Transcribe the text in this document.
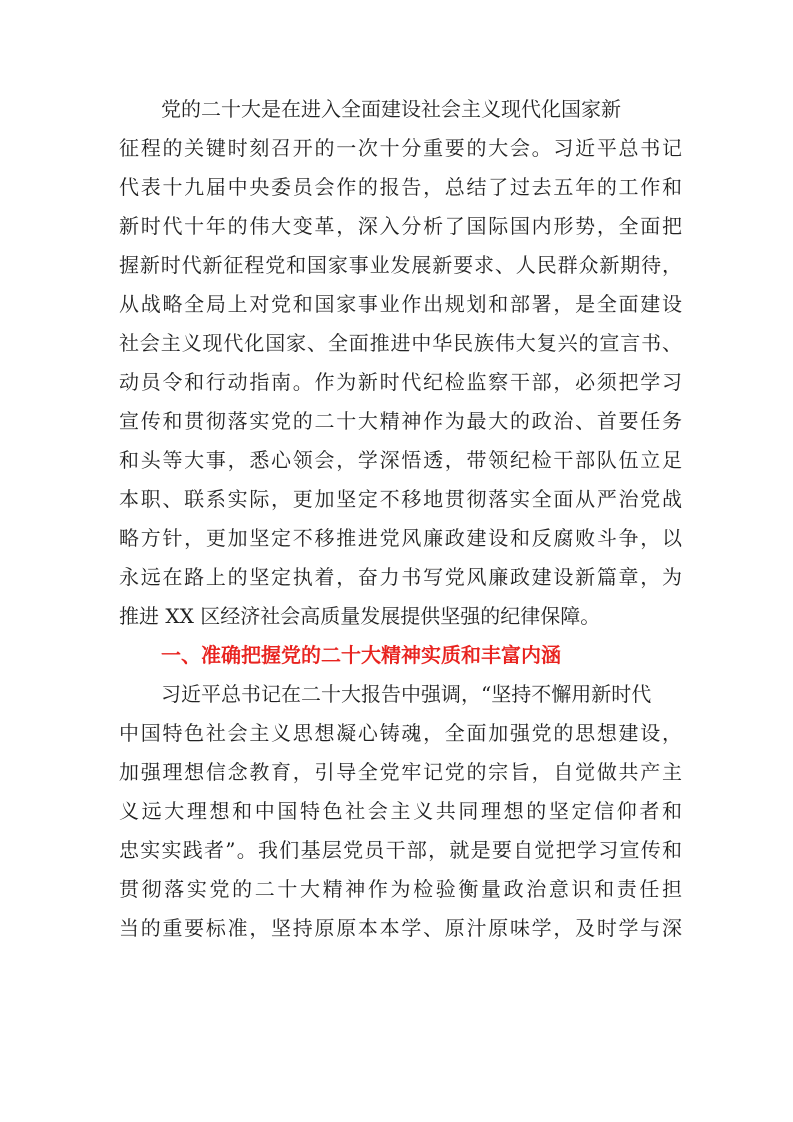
党的二十大是在进入全面建设社会主义现代化国家新
征程的关键时刻召开的一次十分重要的大会。习近平总书记
代表十九届中央委员会作的报告，总结了过去五年的工作和
新时代十年的伟大变革，深入分析了国际国内形势，全面把
握新时代新征程党和国家事业发展新要求、人民群众新期待，
从战略全局上对党和国家事业作出规划和部署，是全面建设
社会主义现代化国家、全面推进中华民族伟大复兴的宣言书、
动员令和行动指南。作为新时代纪检监察干部，必须把学习
宣传和贯彻落实党的二十大精神作为最大的政治、首要任务
和头等大事，悉心领会，学深悟透，带领纪检干部队伍立足
本职、联系实际，更加坚定不移地贯彻落实全面从严治党战
略方针，更加坚定不移推进党风廉政建设和反腐败斗争，以
永远在路上的坚定执着，奋力书写党风廉政建设新篇章，为
推进 XX 区经济社会高质量发展提供坚强的纪律保障。
一、准确把握党的二十大精神实质和丰富内涵
习近平总书记在二十大报告中强调，“坚持不懈用新时代
中国特色社会主义思想凝心铸魂，全面加强党的思想建设，
加强理想信念教育，引导全党牢记党的宗旨，自觉做共产主
义远大理想和中国特色社会主义共同理想的坚定信仰者和
忠实实践者”。我们基层党员干部，就是要自觉把学习宣传和
贯彻落实党的二十大精神作为检验衡量政治意识和责任担
当的重要标准，坚持原原本本学、原汁原味学，及时学与深
